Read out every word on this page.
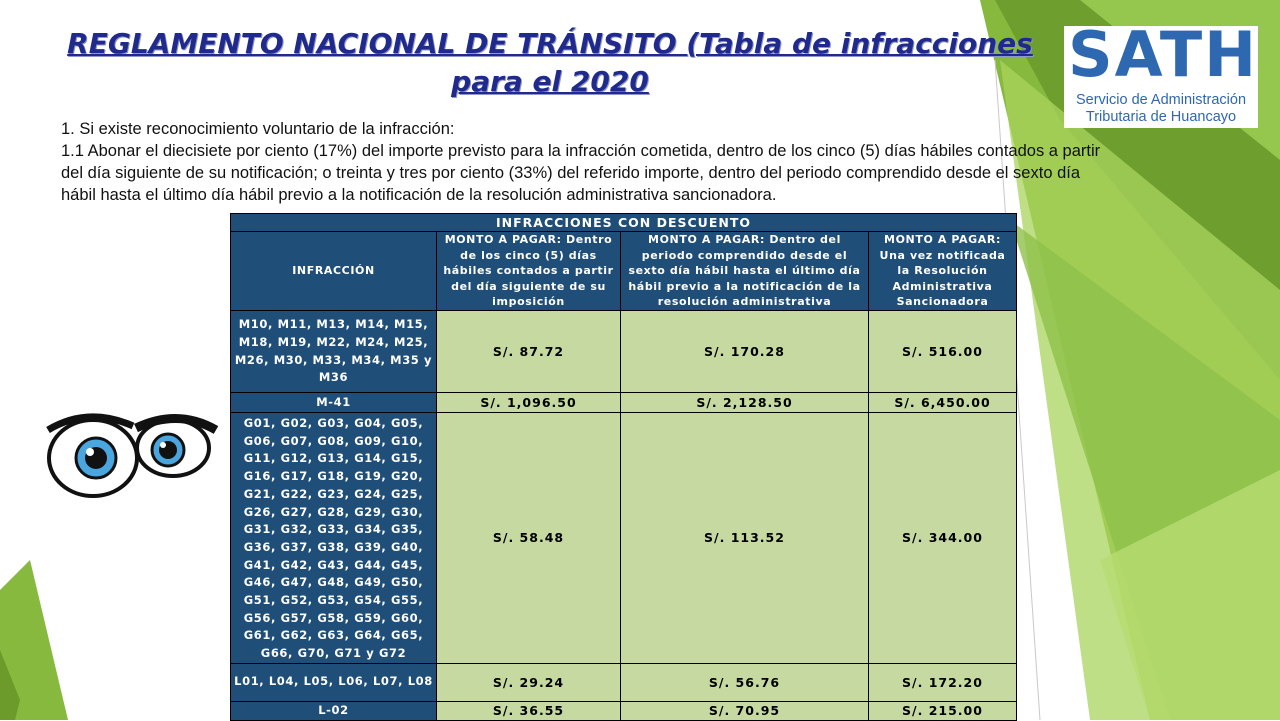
REGLAMENTO NACIONAL DE TRÁNSITO (Tabla de infracciones
para el 2020	SATH
Servicio de Administración
Tributaria de Huancayo

1. Si existe reconocimiento voluntario de la infracción:

1.1 Abonar el diecisiete por ciento (17%) del importe previsto para la infracción cometida, dentro de los cinco (5) días hábiles contados a partir del día siguiente de su notificación; o treinta y tres por ciento (33%) del referido importe, dentro del periodo comprendido desde el sexto día hábil hasta el último día hábil previo a la notificación de la resolución administrativa sancionadora.

INFRACCIONES CON DESCUENTO			
INFRACCIÓN	MONTO A PAGAR: Dentro de los cinco (5) días hábiles contados a partir del día siguiente de su imposición	MONTO A PAGAR: Dentro del periodo comprendido desde el sexto día hábil hasta el último día hábil previo a la notificación de la resolución administrativa	MONTO A PAGAR: Una vez notificada la Resolución Administrativa Sancionadora
M10, M11, M13, M14, M15, M18, M19, M22, M24, M25, M26, M30, M33, M34, M35 y M36	S/. 87.72	S/. 170.28	S/. 516.00
M-41	S/. 1,096.50	S/. 2,128.50	S/. 6,450.00
G01, G02, G03, G04, G05, G06, G07, G08, G09, G10, G11, G12, G13, G14, G15, G16, G17, G18, G19, G20, G21, G22, G23, G24, G25, G26, G27, G28, G29, G30, G31, G32, G33, G34, G35, G36, G37, G38, G39, G40, G41, G42, G43, G44, G45, G46, G47, G48, G49, G50, G51, G52, G53, G54, G55, G56, G57, G58, G59, G60, G61, G62, G63, G64, G65, G66, G70, G71 y G72	S/. 58.48	S/. 113.52	S/. 344.00
L01, L04, L05, L06, L07, L08	S/. 29.24	S/. 56.76	S/. 172.20
L-02	S/. 36.55	S/. 70.95	S/. 215.00
